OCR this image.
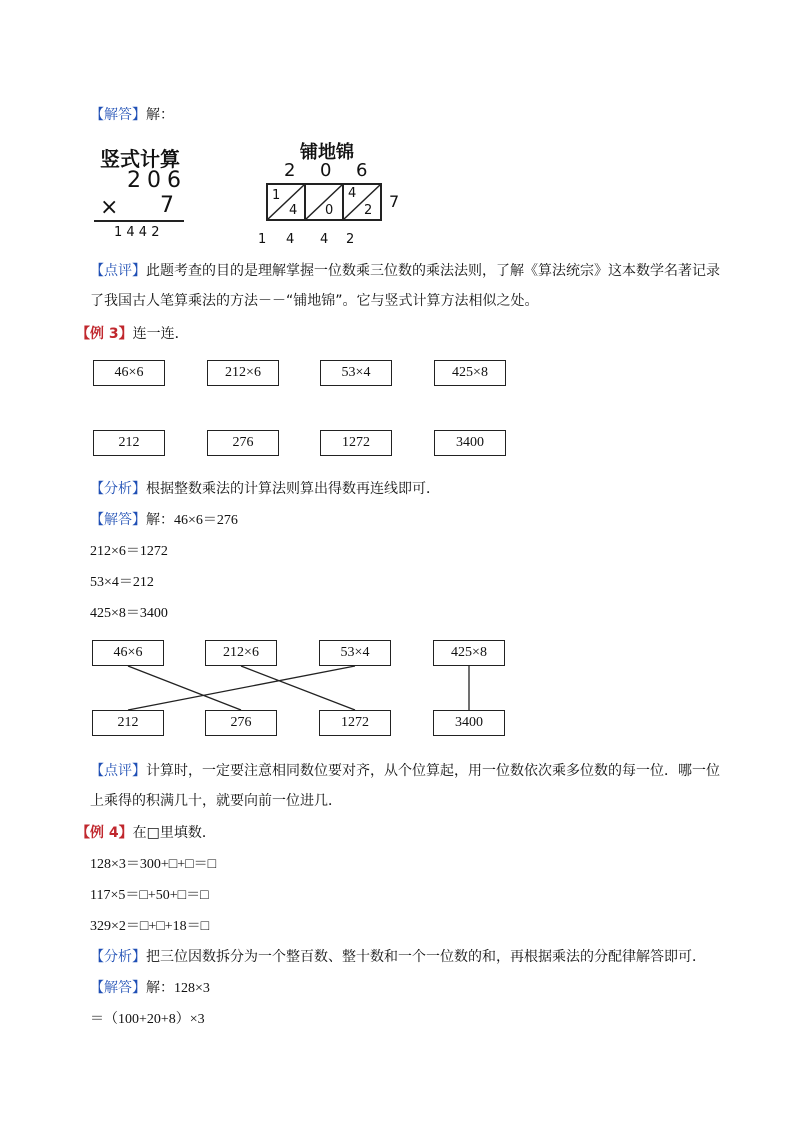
【解答】解：
竖式计算
206
× 7
1 4 4 2
铺地锦
2 0 6
1
4 0
4
2 7
1 4 4 2
【点评】此题考查的目的是理解掌握一位数乘三位数的乘法法则，了解《算法统宗》这本数学名著记录
了我国古人笔算乘法的方法－－“铺地锦”。它与竖式计算方法相似之处。
【例 3】连一连．
46×6	212×6	53×4	425×8
212	276	1272	3400
【分析】根据整数乘法的计算法则算出得数再连线即可．
【解答】解：46×6＝276
212×6＝1272
53×4＝212
425×8＝3400
46×6	212×6	53×4	425×8
212	276	1272	3400
【点评】计算时，一定要注意相同数位要对齐，从个位算起，用一位数依次乘多位数的每一位．哪一位
上乘得的积满几十，就要向前一位进几．
【例 4】在□里填数．
128×3＝300+□+□＝□
117×5＝□+50+□＝□
329×2＝□+□+18＝□
【分析】把三位因数拆分为一个整百数、整十数和一个一位数的和，再根据乘法的分配律解答即可．
【解答】解：128×3
＝（100+20+8）×3
